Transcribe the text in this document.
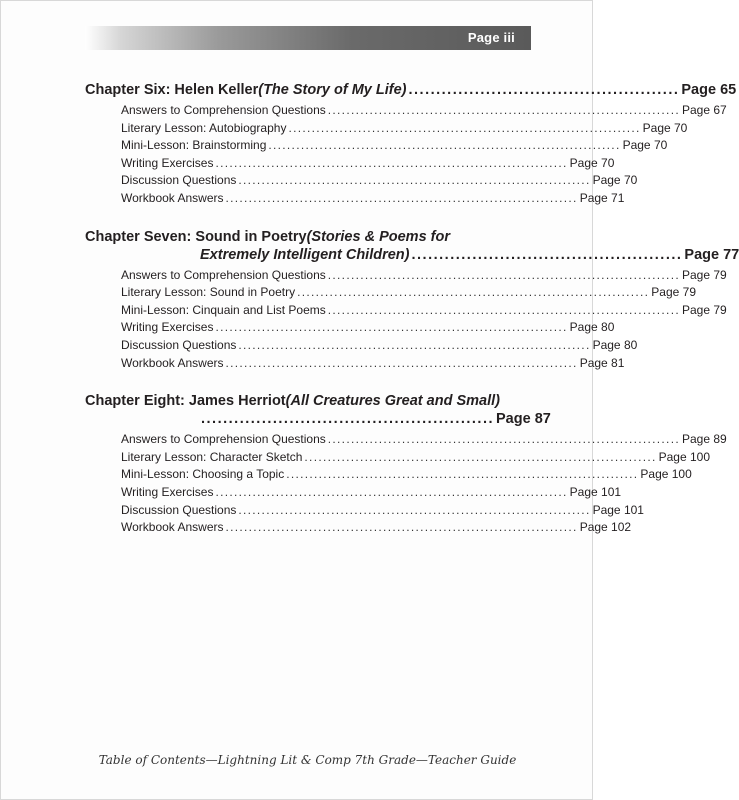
Page iii
Chapter Six: Helen Keller (The Story of My Life) ................................................. Page 65
Answers to Comprehension Questions ............................................................................ Page 67
Literary Lesson: Autobiography ............................................................................ Page 70
Mini-Lesson: Brainstorming ............................................................................ Page 70
Writing Exercises ............................................................................ Page 70
Discussion Questions ............................................................................ Page 70
Workbook Answers ............................................................................ Page 71
Chapter Seven: Sound in Poetry (Stories & Poems for
Extremely Intelligent Children) ................................................. Page 77
Answers to Comprehension Questions ............................................................................ Page 79
Literary Lesson: Sound in Poetry ............................................................................ Page 79
Mini-Lesson: Cinquain and List Poems ............................................................................ Page 79
Writing Exercises ............................................................................ Page 80
Discussion Questions ............................................................................ Page 80
Workbook Answers ............................................................................ Page 81
Chapter Eight: James Herriot (All Creatures Great and Small)
..................................................... Page 87
Answers to Comprehension Questions ............................................................................ Page 89
Literary Lesson: Character Sketch ............................................................................ Page 100
Mini-Lesson: Choosing a Topic ............................................................................ Page 100
Writing Exercises ............................................................................ Page 101
Discussion Questions ............................................................................ Page 101
Workbook Answers ............................................................................ Page 102
Table of Contents—Lightning Lit & Comp 7th Grade—Teacher Guide
